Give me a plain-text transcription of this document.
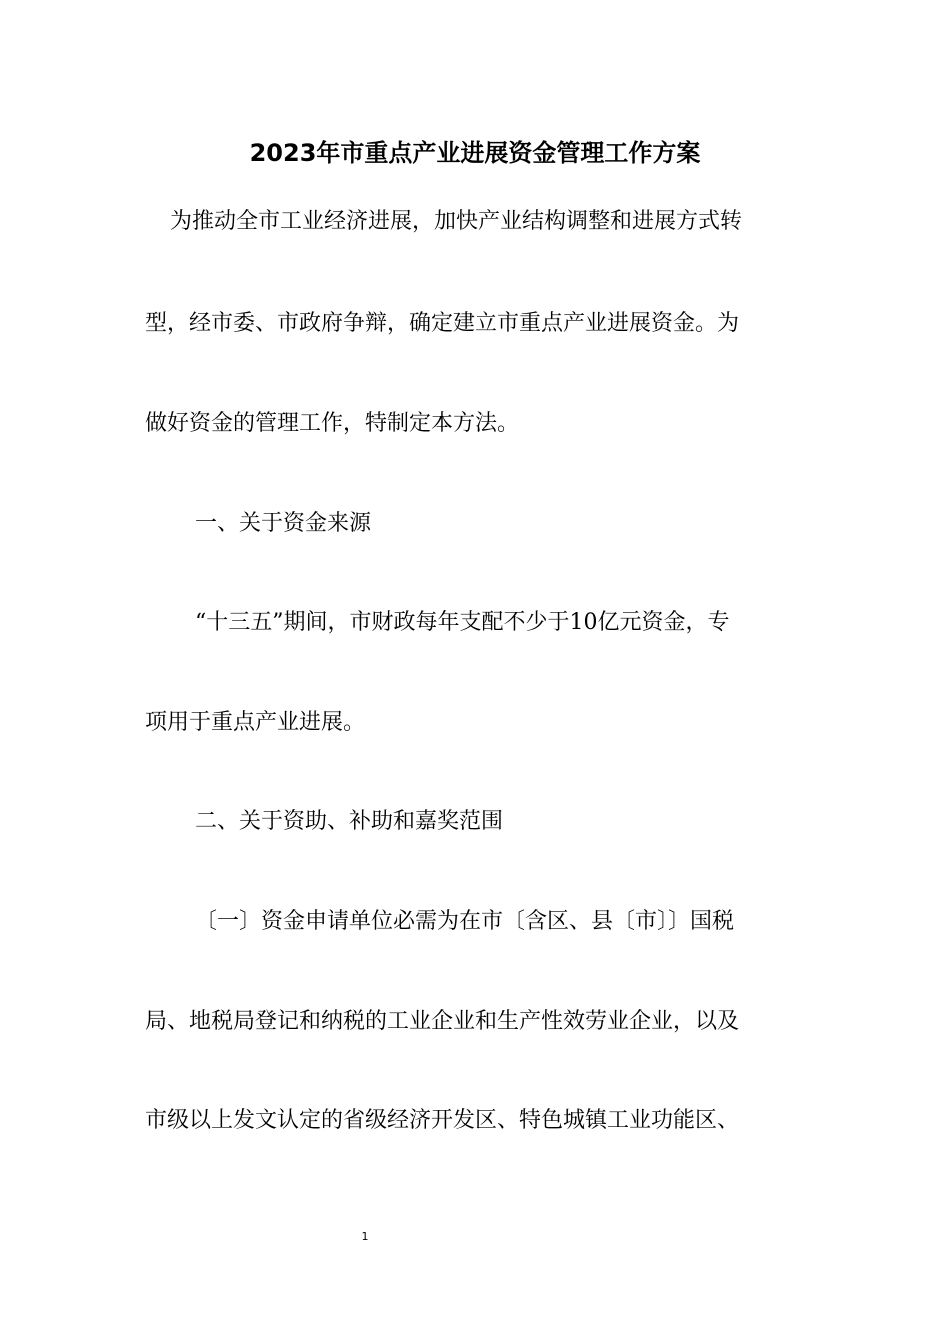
2023年市重点产业进展资金管理工作方案
为推动全市工业经济进展，加快产业结构调整和进展方式转
型，经市委、市政府争辩，确定建立市重点产业进展资金。为
做好资金的管理工作，特制定本方法。
一、关于资金来源
“十三五”期间，市财政每年支配不少于10亿元资金，专
项用于重点产业进展。
二、关于资助、补助和嘉奖范围
〔一〕资金申请单位必需为在市〔含区、县〔市〕〕国税
局、地税局登记和纳税的工业企业和生产性效劳业企业，以及
市级以上发文认定的省级经济开发区、特色城镇工业功能区、
1
